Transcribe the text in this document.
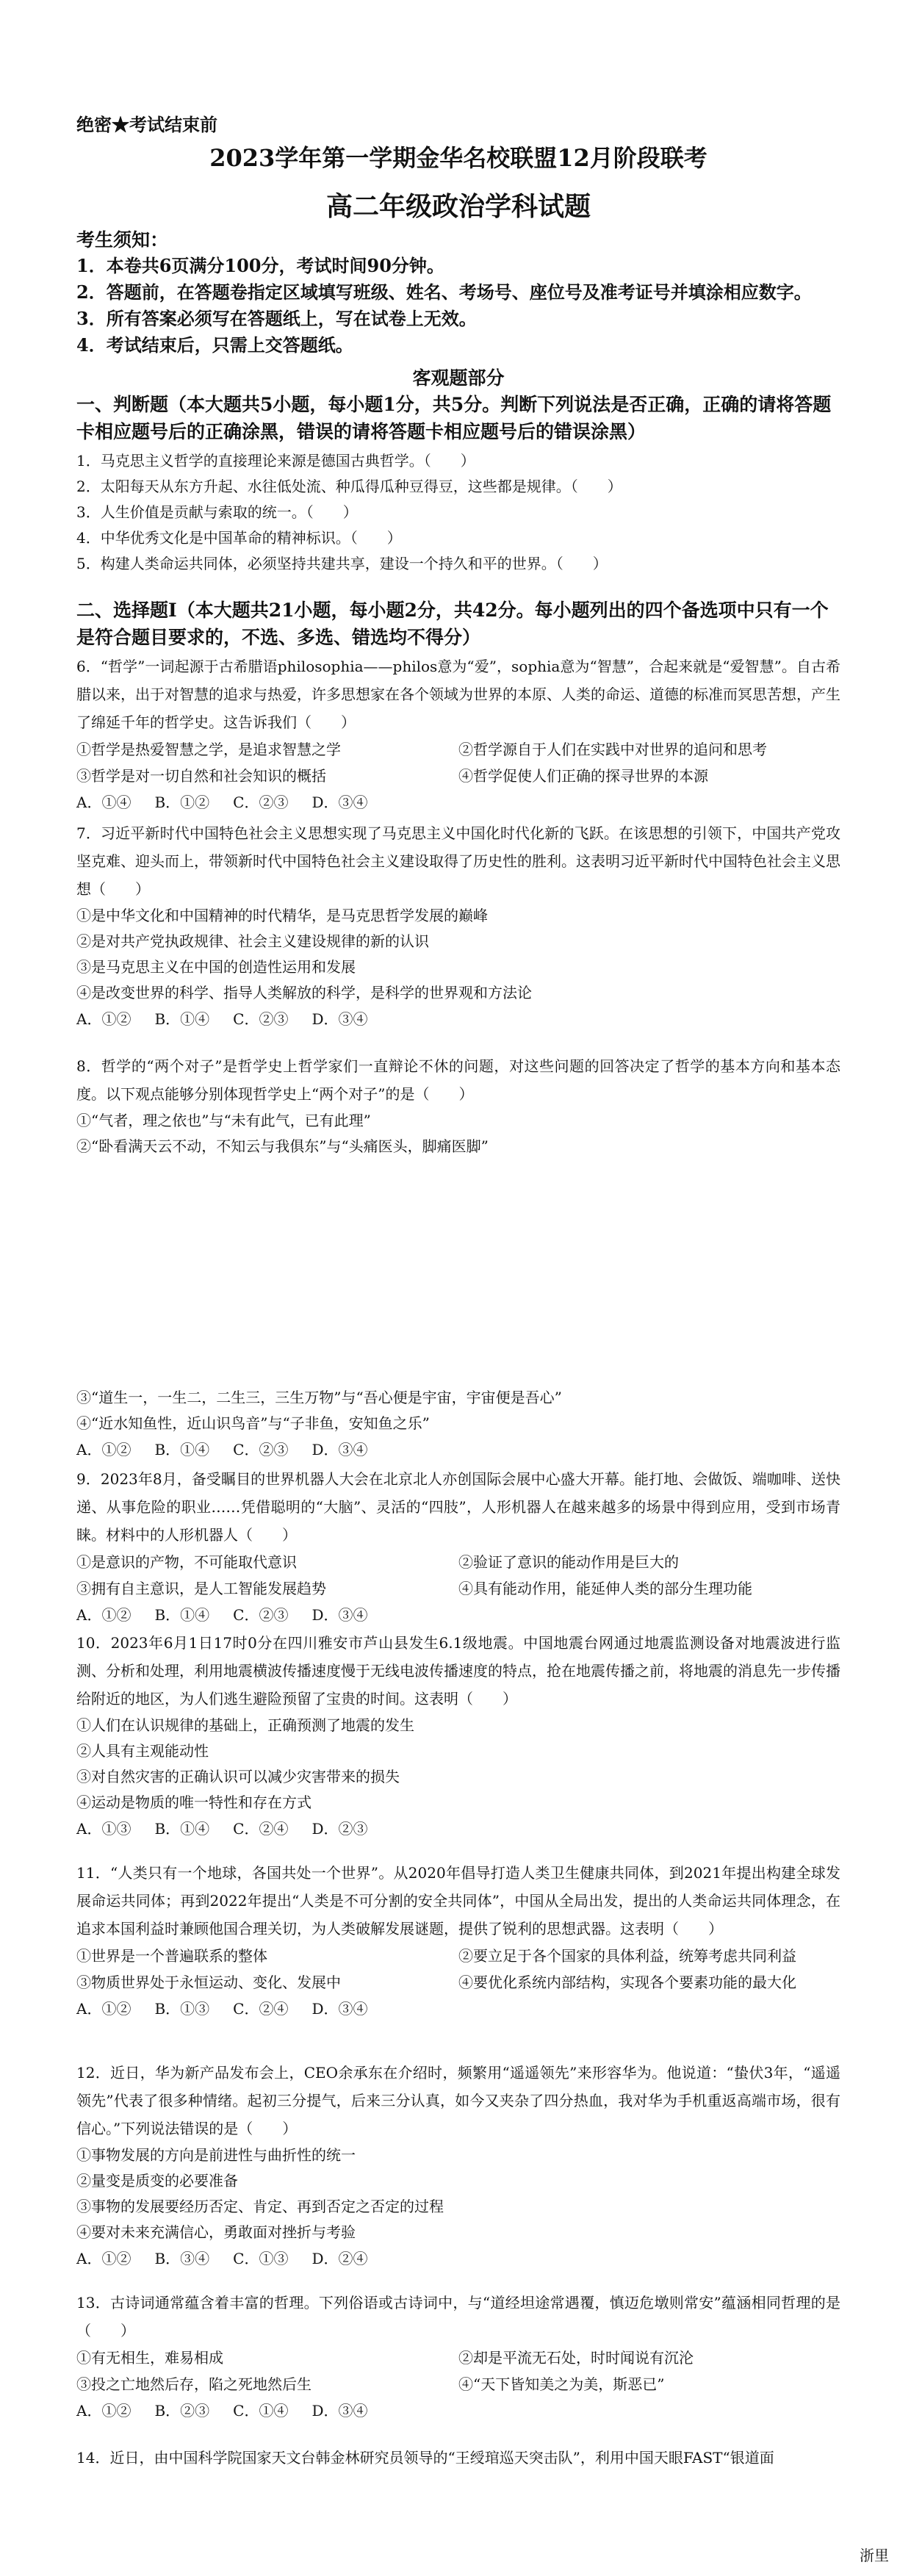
绝密★考试结束前
2023学年第一学期金华名校联盟12月阶段联考
高二年级政治学科试题
考生须知：
1．本卷共6页满分100分，考试时间90分钟。
2．答题前，在答题卷指定区域填写班级、姓名、考场号、座位号及准考证号并填涂相应数字。
3．所有答案必须写在答题纸上，写在试卷上无效。
4．考试结束后，只需上交答题纸。
客观题部分
一、判断题（本大题共5小题，每小题1分，共5分。判断下列说法是否正确，正确的请将答题卡相应题号后的正确涂黑，错误的请将答题卡相应题号后的错误涂黑）
1．马克思主义哲学的直接理论来源是德国古典哲学。（　　）
2．太阳每天从东方升起、水往低处流、种瓜得瓜种豆得豆，这些都是规律。（　　）
3．人生价值是贡献与索取的统一。（　　）
4．中华优秀文化是中国革命的精神标识。（　　）
5．构建人类命运共同体，必须坚持共建共享，建设一个持久和平的世界。（　　）
二、选择题Ⅰ（本大题共21小题，每小题2分，共42分。每小题列出的四个备选项中只有一个是符合题目要求的，不选、多选、错选均不得分）
6．“哲学”一词起源于古希腊语philosophia——philos意为“爱”，sophia意为“智慧”，合起来就是“爱智慧”。自古希腊以来，出于对智慧的追求与热爱，许多思想家在各个领域为世界的本原、人类的命运、道德的标准而冥思苦想，产生了绵延千年的哲学史。这告诉我们（　　）
①哲学是热爱智慧之学，是追求智慧之学	②哲学源自于人们在实践中对世界的追问和思考
③哲学是对一切自然和社会知识的概括	④哲学促使人们正确的探寻世界的本源
A．①④ B．①② C．②③ D．③④
7．习近平新时代中国特色社会主义思想实现了马克思主义中国化时代化新的飞跃。在该思想的引领下，中国共产党攻坚克难、迎头而上，带领新时代中国特色社会主义建设取得了历史性的胜利。这表明习近平新时代中国特色社会主义思想（　　）
①是中华文化和中国精神的时代精华，是马克思哲学发展的巅峰
②是对共产党执政规律、社会主义建设规律的新的认识
③是马克思主义在中国的创造性运用和发展
④是改变世界的科学、指导人类解放的科学，是科学的世界观和方法论
A．①② B．①④ C．②③ D．③④
8．哲学的“两个对子”是哲学史上哲学家们一直辩论不休的问题，对这些问题的回答决定了哲学的基本方向和基本态度。以下观点能够分别体现哲学史上“两个对子”的是（　　）
①“气者，理之依也”与“未有此气，已有此理”
②“卧看满天云不动，不知云与我俱东”与“头痛医头，脚痛医脚”
③“道生一，一生二，二生三，三生万物”与“吾心便是宇宙，宇宙便是吾心”
④“近水知鱼性，近山识鸟音”与“子非鱼，安知鱼之乐”
A．①② B．①④ C．②③ D．③④
9．2023年8月，备受瞩目的世界机器人大会在北京北人亦创国际会展中心盛大开幕。能打地、会做饭、端咖啡、送快递、从事危险的职业……凭借聪明的“大脑”、灵活的“四肢”，人形机器人在越来越多的场景中得到应用，受到市场青睐。材料中的人形机器人（　　）
①是意识的产物，不可能取代意识	②验证了意识的能动作用是巨大的
③拥有自主意识，是人工智能发展趋势	④具有能动作用，能延伸人类的部分生理功能
A．①② B．①④ C．②③ D．③④
10．2023年6月1日17时0分在四川雅安市芦山县发生6.1级地震。中国地震台网通过地震监测设备对地震波进行监测、分析和处理，利用地震横波传播速度慢于无线电波传播速度的特点，抢在地震传播之前，将地震的消息先一步传播给附近的地区，为人们逃生避险预留了宝贵的时间。这表明（　　）
①人们在认识规律的基础上，正确预测了地震的发生
②人具有主观能动性
③对自然灾害的正确认识可以减少灾害带来的损失
④运动是物质的唯一特性和存在方式
A．①③ B．①④ C．②④ D．②③
11．“人类只有一个地球，各国共处一个世界”。从2020年倡导打造人类卫生健康共同体，到2021年提出构建全球发展命运共同体；再到2022年提出“人类是不可分割的安全共同体”，中国从全局出发，提出的人类命运共同体理念，在追求本国利益时兼顾他国合理关切，为人类破解发展谜题，提供了锐利的思想武器。这表明（　　）
①世界是一个普遍联系的整体	②要立足于各个国家的具体利益，统筹考虑共同利益
③物质世界处于永恒运动、变化、发展中	④要优化系统内部结构，实现各个要素功能的最大化
A．①② B．①③ C．②④ D．③④
12．近日，华为新产品发布会上，CEO余承东在介绍时，频繁用“遥遥领先”来形容华为。他说道：“蛰伏3年，“遥遥领先”代表了很多种情绪。起初三分提气，后来三分认真，如今又夹杂了四分热血，我对华为手机重返高端市场，很有信心。”下列说法错误的是（　　）
①事物发展的方向是前进性与曲折性的统一
②量变是质变的必要准备
③事物的发展要经历否定、肯定、再到否定之否定的过程
④要对未来充满信心，勇敢面对挫折与考验
A．①② B．③④ C．①③ D．②④
13．古诗词通常蕴含着丰富的哲理。下列俗语或古诗词中，与“道经坦途常遇覆，慎迈危墩则常安”蕴涵相同哲理的是（　　）
①有无相生，难易相成	②却是平流无石处，时时闻说有沉沦
③投之亡地然后存，陷之死地然后生	④“天下皆知美之为美，斯恶已”
A．①② B．②③ C．①④ D．③④
14．近日，由中国科学院国家天文台韩金林研究员领导的“王绶琯巡天突击队”，利用中国天眼FAST“银道面
浙里
